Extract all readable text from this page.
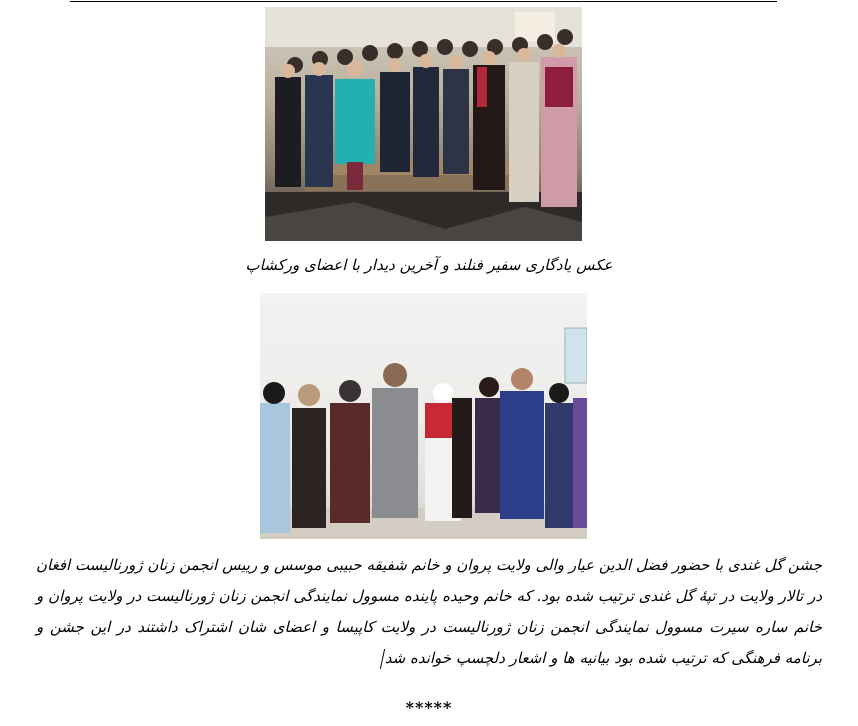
عکس یادگاری سفیر فنلند و آخرین دیدار با اعضای ورکشاپ
جشن گل غندی با حضور فضل الدین عیار والی ولایت پروان و خانم شفیقه حبیبی موسس و رییس انجمن زنان ژورنالیست افغان در تالار ولایت در تپۀ گل غندی ترتیب شده بود. که خانم وحیده پاینده مسوول نمایندگی انجمن زنان ژورنالیست در ولایت پروان و خانم ساره سیرت مسوول نمایندگی انجمن زنان ژورنالیست در ولایت کاپیسا و اعضای شان اشتراک داشتند در این جشن و برنامه فرهنگی که ترتیب شده بود بیانیه ها و اشعار دلچسپ خوانده شد
*****
